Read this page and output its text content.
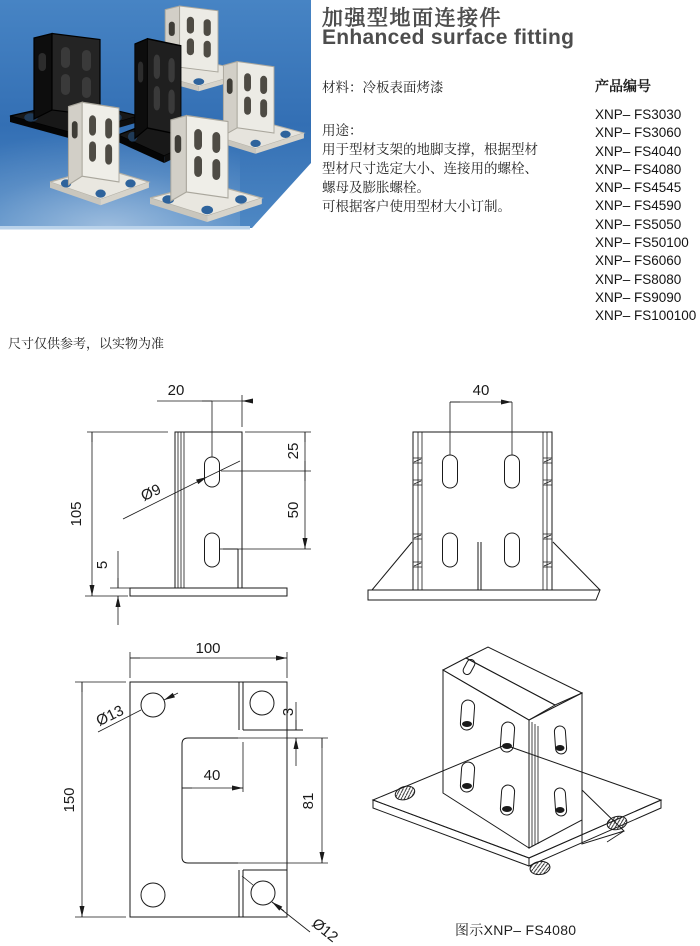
加强型地面连接件
Enhanced surface fitting
材料：冷板表面烤漆	产品编号
用途：
用于型材支架的地脚支撑，根据型材
型材尺寸选定大小、连接用的螺栓、
螺母及膨胀螺栓。
可根据客户使用型材大小订制。
XNP– FS3030
XNP– FS3060
XNP– FS4040
XNP– FS4080
XNP– FS4545
XNP– FS4590
XNP– FS5050
XNP– FS50100
XNP– FS6060
XNP– FS8080
XNP– FS9090
XNP– FS100100
尺寸仅供参考，以实物为准
20
105
5
25
50
Ø9
40
3
81
40
100
150
Ø13
Ø12	图示XNP– FS4080
